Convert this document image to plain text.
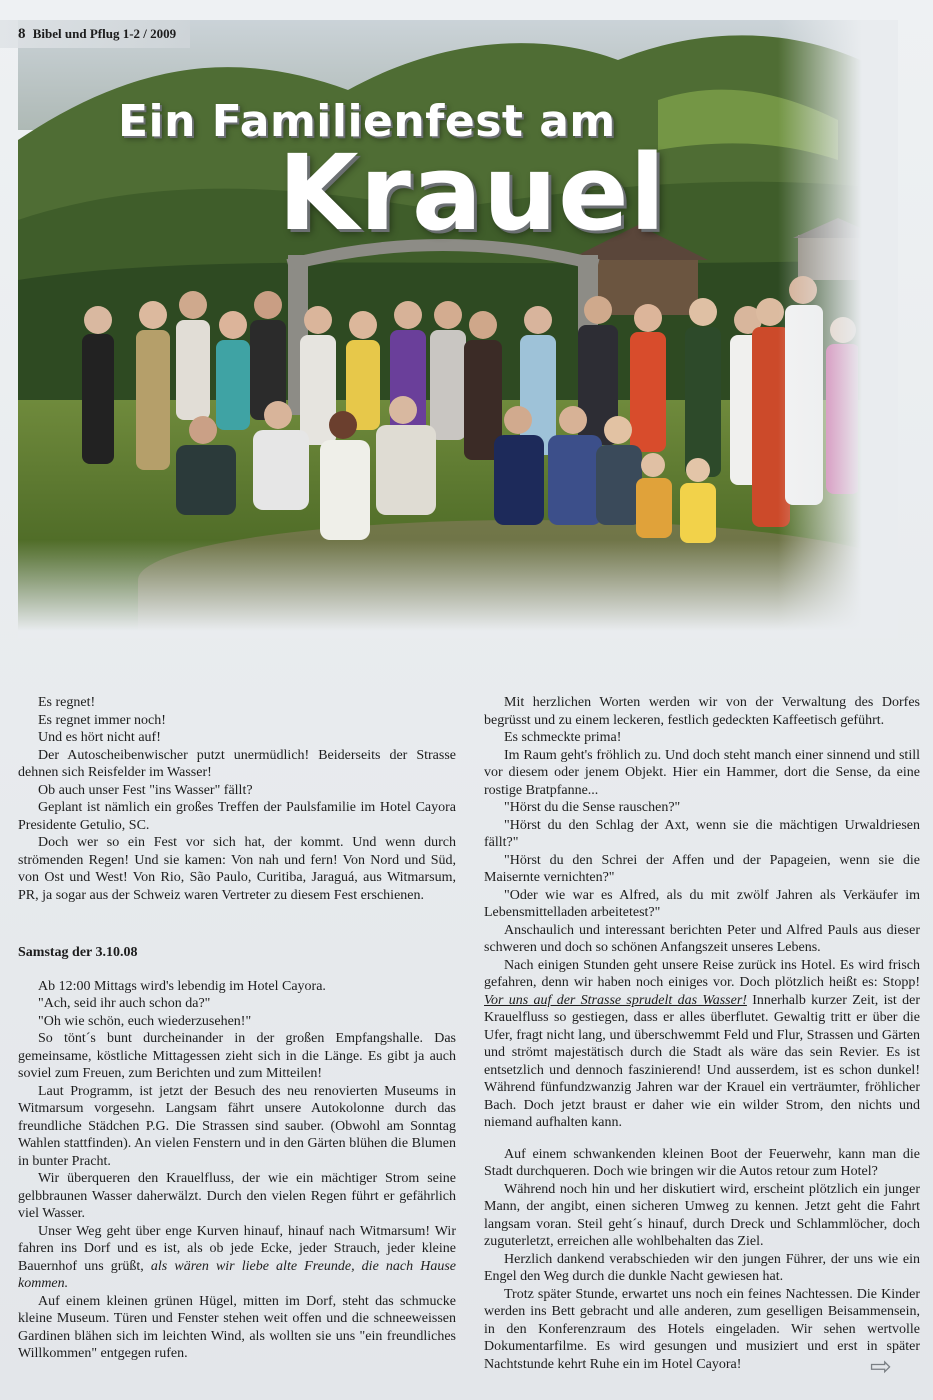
8 Bibel und Pflug 1-2 / 2009
Ein Familienfest am
Krauel

Es regnet!

Es regnet immer noch!

Und es hört nicht auf!

Der Autoscheibenwischer putzt unermüdlich! Beiderseits der Strasse dehnen sich Reisfelder im Wasser!

Ob auch unser Fest "ins Wasser" fällt?

Geplant ist nämlich ein großes Treffen der Paulsfamilie im Hotel Cayora Presidente Getulio, SC.

Doch wer so ein Fest vor sich hat, der kommt. Und wenn durch strömenden Regen! Und sie kamen: Von nah und fern! Von Nord und Süd, von Ost und West! Von Rio, São Paulo, Curitiba, Jaraguá, aus Witmarsum, PR, ja sogar aus der Schweiz waren Vertreter zu diesem Fest erschienen.

Samstag der 3.10.08

Ab 12:00 Mittags wird's lebendig im Hotel Cayora.

"Ach, seid ihr auch schon da?"

"Oh wie schön, euch wiederzusehen!"

So tönt´s bunt durcheinander in der großen Empfangshalle. Das gemeinsame, köstliche Mittagessen zieht sich in die Länge. Es gibt ja auch soviel zum Freuen, zum Berichten und zum Mitteilen!

Laut Programm, ist jetzt der Besuch des neu renovierten Museums in Witmarsum vorgesehn. Langsam fährt unsere Autokolonne durch das freundliche Städchen P.G. Die Strassen sind sauber. (Obwohl am Sonntag Wahlen stattfinden). An vielen Fenstern und in den Gärten blühen die Blumen in bunter Pracht.

Wir überqueren den Krauelfluss, der wie ein mächtiger Strom seine gelbbraunen Wasser daherwälzt. Durch den vielen Regen führt er gefährlich viel Wasser.

Unser Weg geht über enge Kurven hinauf, hinauf nach Witmarsum! Wir fahren ins Dorf und es ist, als ob jede Ecke, jeder Strauch, jeder kleine Bauernhof uns grüßt, als wären wir liebe alte Freunde, die nach Hause kommen.

Auf einem kleinen grünen Hügel, mitten im Dorf, steht das schmucke kleine Museum. Türen und Fenster stehen weit offen und die schneeweissen Gardinen blähen sich im leichten Wind, als wollten sie uns "ein freundliches Willkommen" entgegen rufen.

Mit herzlichen Worten werden wir von der Verwaltung des Dorfes begrüsst und zu einem leckeren, festlich gedeckten Kaffeetisch geführt.

Es schmeckte prima!

Im Raum geht's fröhlich zu. Und doch steht manch einer sinnend und still vor diesem oder jenem Objekt. Hier ein Hammer, dort die Sense, da eine rostige Bratpfanne...

"Hörst du die Sense rauschen?"

"Hörst du den Schlag der Axt, wenn sie die mächtigen Urwaldriesen fällt?"

"Hörst du den Schrei der Affen und der Papageien, wenn sie die Maisernte vernichten?"

"Oder wie war es Alfred, als du mit zwölf Jahren als Verkäufer im Lebensmittelladen arbeitetest?"

Anschaulich und interessant berichten Peter und Alfred Pauls aus dieser schweren und doch so schönen Anfangszeit unseres Lebens.

Nach einigen Stunden geht unsere Reise zurück ins Hotel. Es wird frisch gefahren, denn wir haben noch einiges vor. Doch plötzlich heißt es: Stopp! Vor uns auf der Strasse sprudelt das Wasser! Innerhalb kurzer Zeit, ist der Krauelfluss so gestiegen, dass er alles überflutet. Gewaltig tritt er über die Ufer, fragt nicht lang, und überschwemmt Feld und Flur, Strassen und Gärten und strömt majestätisch durch die Stadt als wäre das sein Revier. Es ist entsetzlich und dennoch faszinierend! Und ausserdem, ist es schon dunkel! Während fünfundzwanzig Jahren war der Krauel ein verträumter, fröhlicher Bach. Doch jetzt braust er daher wie ein wilder Strom, den nichts und niemand aufhalten kann.

Auf einem schwankenden kleinen Boot der Feuerwehr, kann man die Stadt durchqueren. Doch wie bringen wir die Autos retour zum Hotel?

Während noch hin und her diskutiert wird, erscheint plötzlich ein junger Mann, der angibt, einen sicheren Umweg zu kennen. Jetzt geht die Fahrt langsam voran. Steil geht´s hinauf, durch Dreck und Schlammlöcher, doch zuguterletzt, erreichen alle wohlbehalten das Ziel.

Herzlich dankend verabschieden wir den jungen Führer, der uns wie ein Engel den Weg durch die dunkle Nacht gewiesen hat.

Trotz später Stunde, erwartet uns noch ein feines Nachtessen. Die Kinder werden ins Bett gebracht und alle anderen, zum geselligen Beisammensein, in den Konferenzraum des Hotels eingeladen. Wir sehen wertvolle Dokumentarfilme. Es wird gesungen und musiziert und erst in später Nachtstunde kehrt Ruhe ein im Hotel Cayora!	⇨
